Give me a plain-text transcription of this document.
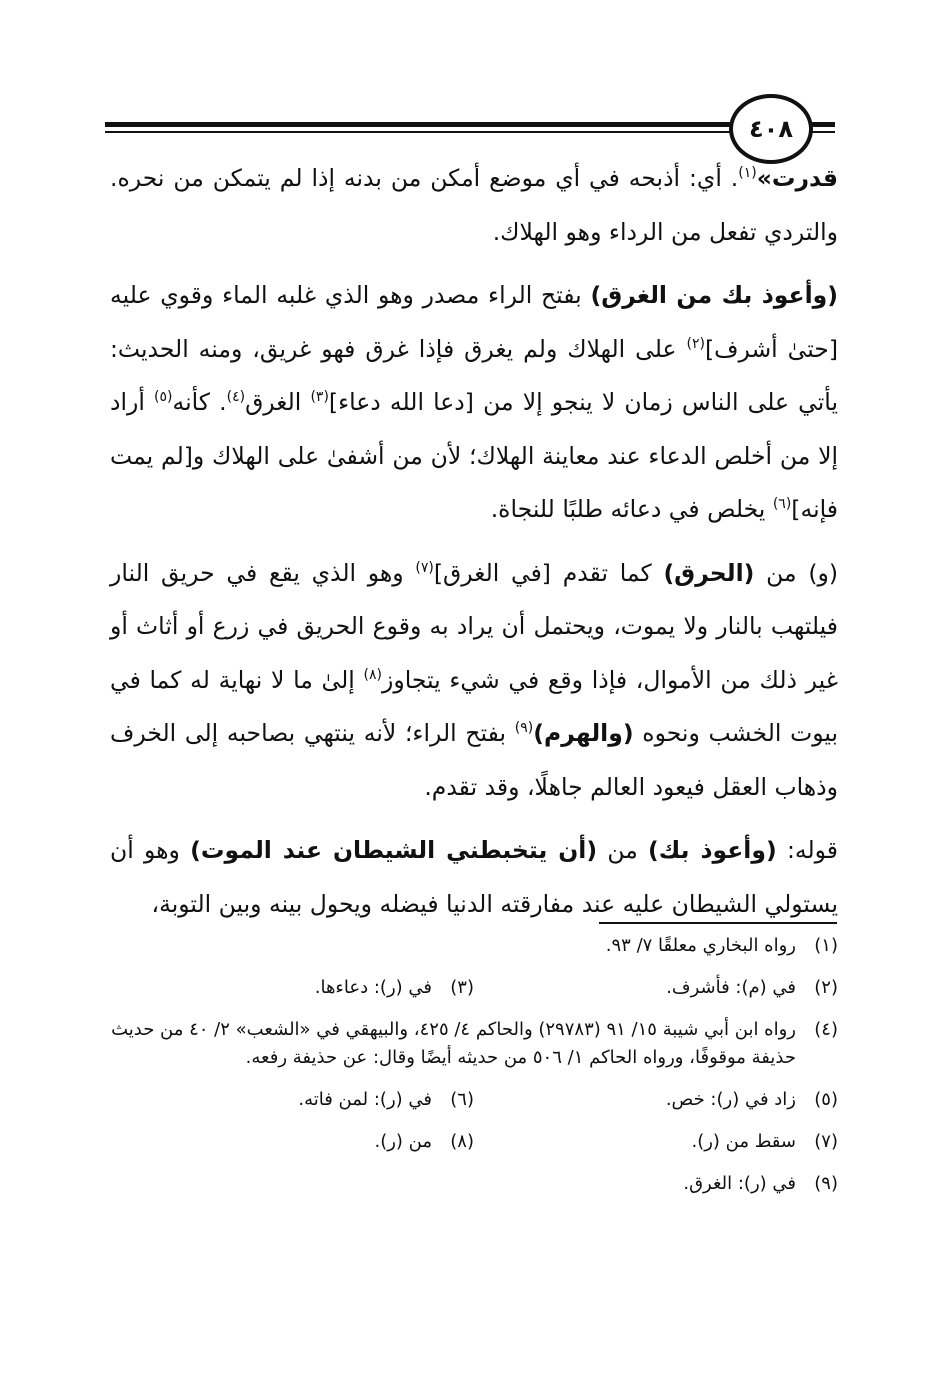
٤٠٨

قدرت»$^{(١)}$. أي: أذبحه في أي موضع أمكن من بدنه إذا لم يتمكن من نحره. والتردي تفعل من الرداء وهو الهلاك.

(وأعوذ بك من الغرق) بفتح الراء مصدر وهو الذي غلبه الماء وقوي عليه [حتىٰ أشرف]$^{(٢)}$ على الهلاك ولم يغرق فإذا غرق فهو غريق، ومنه الحديث: يأتي على الناس زمان لا ينجو إلا من [دعا الله دعاء]$^{(٣)}$ الغرق$^{(٤)}$. كأنه$^{(٥)}$ أراد إلا من أخلص الدعاء عند معاينة الهلاك؛ لأن من أشفىٰ على الهلاك و[لم يمت فإنه]$^{(٦)}$ يخلص في دعائه طلبًا للنجاة.

(و) من (الحرق) كما تقدم [في الغرق]$^{(٧)}$ وهو الذي يقع في حريق النار فيلتهب بالنار ولا يموت، ويحتمل أن يراد به وقوع الحريق في زرع أو أثاث أو غير ذلك من الأموال، فإذا وقع في شيء يتجاوز$^{(٨)}$ إلىٰ ما لا نهاية له كما في بيوت الخشب ونحوه (والهرم)$^{(٩)}$ بفتح الراء؛ لأنه ينتهي بصاحبه إلى الخرف وذهاب العقل فيعود العالم جاهلًا، وقد تقدم.

قوله: (وأعوذ بك) من (أن يتخبطني الشيطان عند الموت) وهو أن يستولي الشيطان عليه عند مفارقته الدنيا فيضله ويحول بينه وبين التوبة،

(١)
رواه البخاري معلقًا ٧/ ٩٣.
(٢)
في (م): فأشرف.
(٣)
في (ر): دعاءها.
(٤)
رواه ابن أبي شيبة ١٥/ ٩١ (٢٩٧٨٣) والحاكم ٤/ ٤٢٥، والبيهقي في «الشعب» ٢/ ٤٠ من حديث حذيفة موقوفًا، ورواه الحاكم ١/ ٥٠٦ من حديثه أيضًا وقال: عن حذيفة رفعه.
(٥)
زاد في (ر): خص.
(٦)
في (ر): لمن فاته.
(٧)
سقط من (ر).
(٨)
من (ر).
(٩)
في (ر): الغرق.
